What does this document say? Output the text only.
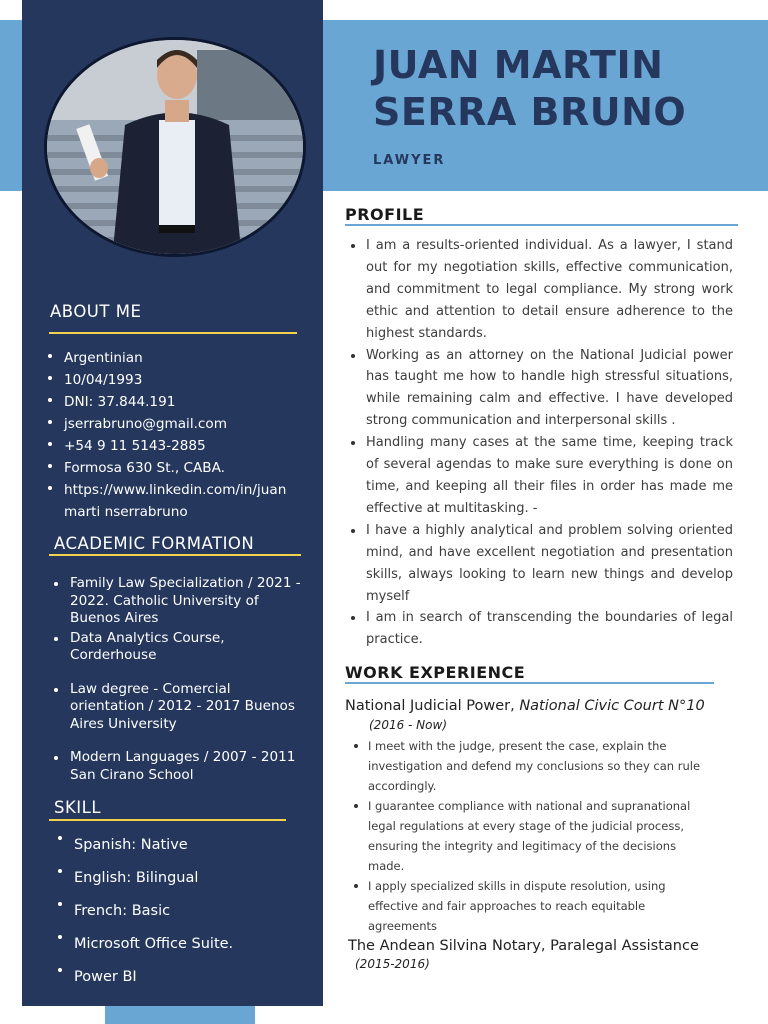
ABOUT ME
Argentinian
10/04/1993
DNI: 37.844.191
jserrabruno@gmail.com
+54 9 11 5143-2885
Formosa 630 St., CABA.
https://www.linkedin.com/in/juanmarti nserrabruno
ACADEMIC FORMATION
Family Law Specialization / 2021 - 2022. Catholic University of Buenos Aires
Data Analytics Course, Corderhouse
Law degree - Comercial orientation / 2012 - 2017 Buenos Aires University
Modern Languages / 2007 - 2011 San Cirano School
SKILL
Spanish: Native
English: Bilingual
French: Basic
Microsoft Office Suite.
Power BI
JUAN MARTIN
SERRA BRUNO
LAWYER
PROFILE
I am a results-oriented individual. As a lawyer, I stand out for my negotiation skills, effective communication, and commitment to legal compliance. My strong work ethic and attention to detail ensure adherence to the highest standards.
Working as an attorney on the National Judicial power has taught me how to handle high stressful situations, while remaining calm and effective. I have developed strong communication and interpersonal skills .
Handling many cases at the same time, keeping track of several agendas to make sure everything is done on time, and keeping all their files in order has made me effective at multitasking. -
I have a highly analytical and problem solving oriented mind, and have excellent negotiation and presentation skills, always looking to learn new things and develop myself
I am in search of transcending the boundaries of legal practice.
WORK EXPERIENCE
National Judicial Power, National Civic Court N°10
(2016 - Now)
I meet with the judge, present the case, explain the investigation and defend my conclusions so they can rule accordingly.
I guarantee compliance with national and supranational legal regulations at every stage of the judicial process, ensuring the integrity and legitimacy of the decisions made.
I apply specialized skills in dispute resolution, using effective and fair approaches to reach equitable agreements
The Andean Silvina Notary, Paralegal Assistance
(2015-2016)
